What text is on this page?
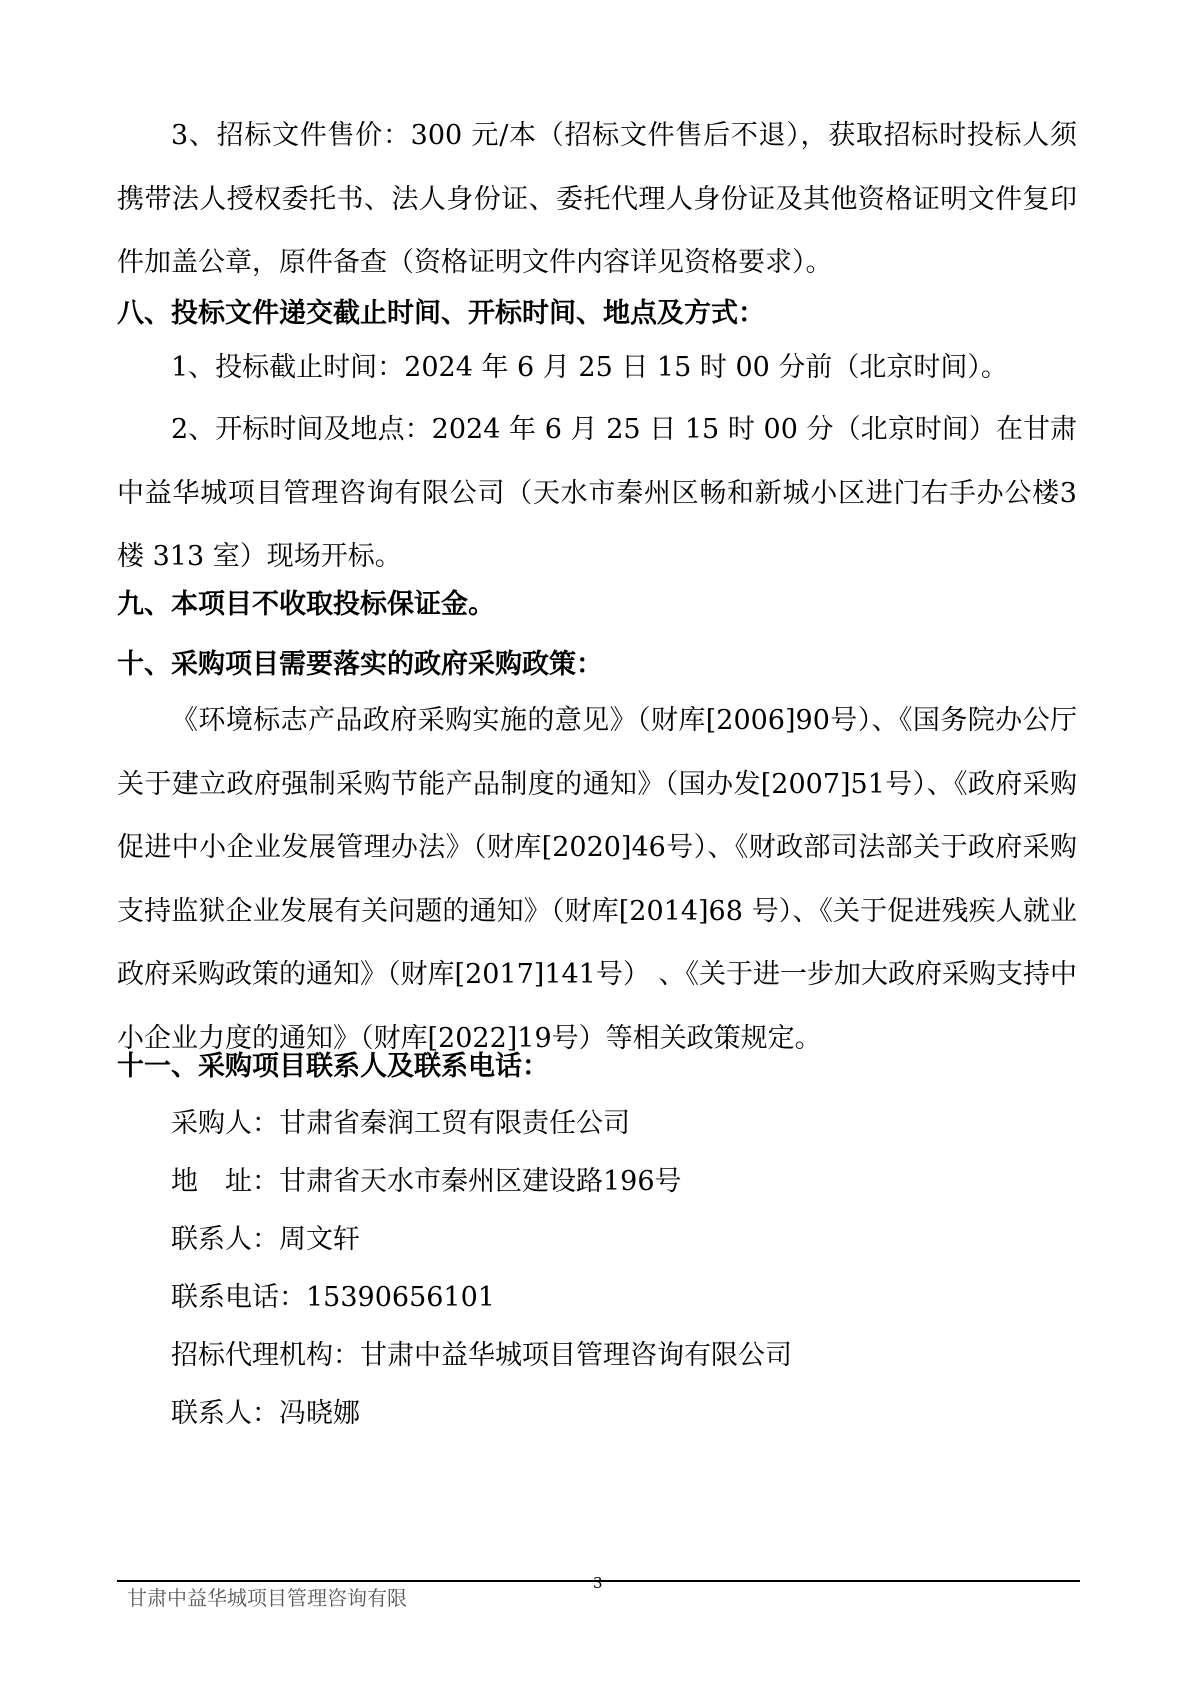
3、招标文件售价：300 元/本（招标文件售后不退），获取招标时投标人须携带法人授权委托书、法人身份证、委托代理人身份证及其他资格证明文件复印件加盖公章，原件备查（资格证明文件内容详见资格要求）。

八、投标文件递交截止时间、开标时间、地点及方式：

1、投标截止时间：2024 年 6 月 25 日 15 时 00 分前（北京时间）。

2、开标时间及地点：2024 年 6 月 25 日 15 时 00 分（北京时间）在甘肃中益华城项目管理咨询有限公司（天水市秦州区畅和新城小区进门右手办公楼3楼 313 室）现场开标。

九、本项目不收取投标保证金。

十、采购项目需要落实的政府采购政策：

《环境标志产品政府采购实施的意见》（财库[2006]90号）、《国务院办公厅关于建立政府强制采购节能产品制度的通知》（国办发[2007]51号）、《政府采购促进中小企业发展管理办法》（财库[2020]46号）、《财政部司法部关于政府采购支持监狱企业发展有关问题的通知》（财库[2014]68 号）、《关于促进残疾人就业政府采购政策的通知》（财库[2017]141号） 、《关于进一步加大政府采购支持中小企业力度的通知》（财库[2022]19号）等相关政策规定。

十一、采购项目联系人及联系电话：

采购人：甘肃省秦润工贸有限责任公司

地　址：甘肃省天水市秦州区建设路196号

联系人：周文轩

联系电话：15390656101

招标代理机构：甘肃中益华城项目管理咨询有限公司

联系人：冯晓娜

甘肃中益华城项目管理咨询有限
3
